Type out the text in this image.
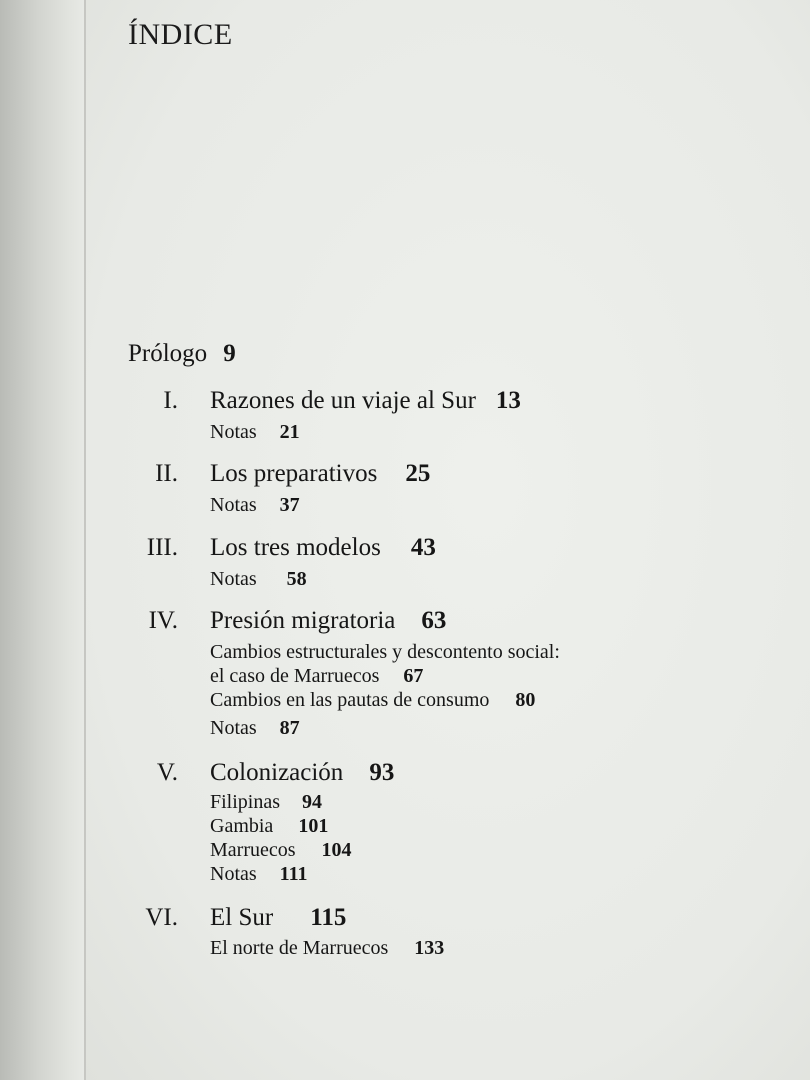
ÍNDICE
Prólogo 9
I. Razones de un viaje al Sur 13
Notas 21
II. Los preparativos 25
Notas 37
III. Los tres modelos 43
Notas 58
IV. Presión migratoria 63
Cambios estructurales y descontento social:
el caso de Marruecos 67
Cambios en las pautas de consumo 80
Notas 87
V. Colonización 93
Filipinas 94
Gambia 101
Marruecos 104
Notas 111
VI. El Sur 115
El norte de Marruecos 133
